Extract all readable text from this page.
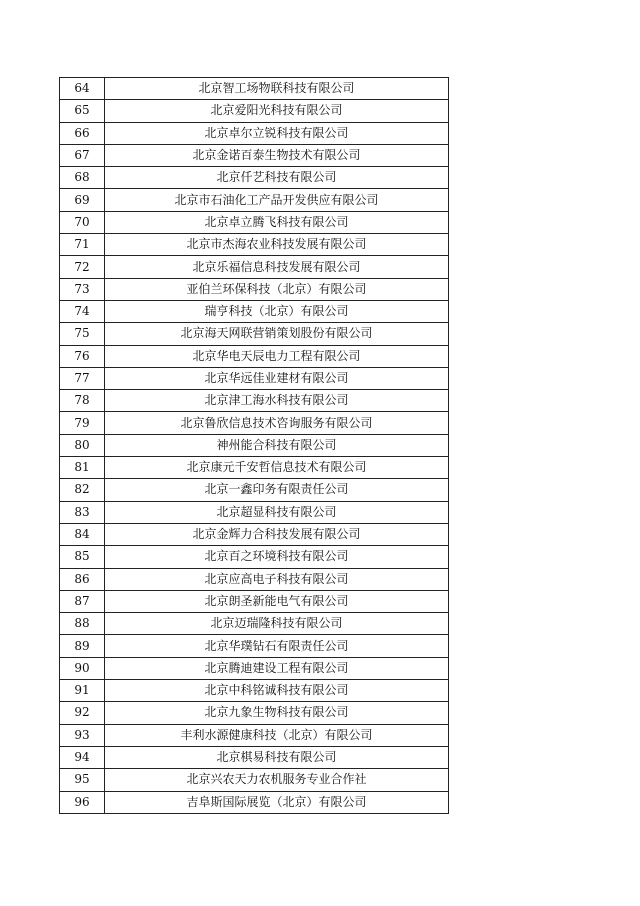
64	北京智工场物联科技有限公司
65	北京爱阳光科技有限公司
66	北京卓尔立锐科技有限公司
67	北京金诺百泰生物技术有限公司
68	北京仟艺科技有限公司
69	北京市石油化工产品开发供应有限公司
70	北京卓立腾飞科技有限公司
71	北京市杰海农业科技发展有限公司
72	北京乐福信息科技发展有限公司
73	亚伯兰环保科技（北京）有限公司
74	瑞亨科技（北京）有限公司
75	北京海天网联营销策划股份有限公司
76	北京华电天辰电力工程有限公司
77	北京华远佳业建材有限公司
78	北京津工海水科技有限公司
79	北京鲁欣信息技术咨询服务有限公司
80	神州能合科技有限公司
81	北京康元千安哲信息技术有限公司
82	北京一鑫印务有限责任公司
83	北京超显科技有限公司
84	北京金辉力合科技发展有限公司
85	北京百之环境科技有限公司
86	北京应高电子科技有限公司
87	北京朗圣新能电气有限公司
88	北京迈瑞隆科技有限公司
89	北京华璞钻石有限责任公司
90	北京腾迪建设工程有限公司
91	北京中科铭诚科技有限公司
92	北京九象生物科技有限公司
93	丰利水源健康科技（北京）有限公司
94	北京棋易科技有限公司
95	北京兴农天力农机服务专业合作社
96	吉阜斯国际展览（北京）有限公司
